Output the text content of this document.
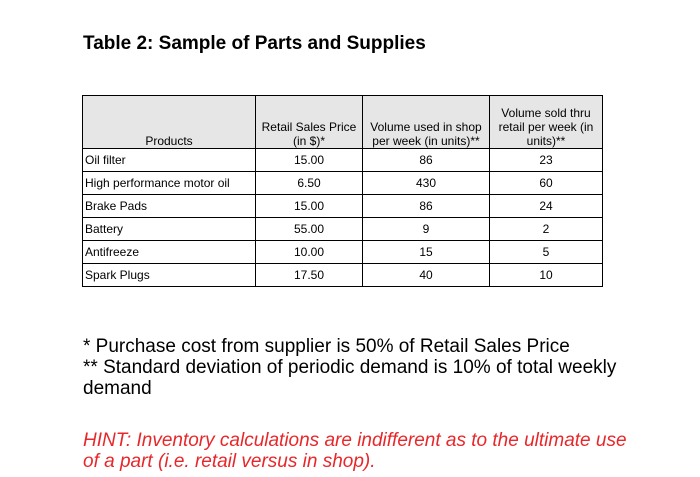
Table 2: Sample of Parts and Supplies
Products	Retail Sales Price (in $)*	Volume used in shop per week (in units)**	Volume sold thru retail per week (in units)**
Oil filter	15.00	86	23
High performance motor oil	6.50	430	60
Brake Pads	15.00	86	24
Battery	55.00	9	2
Antifreeze	10.00	15	5
Spark Plugs	17.50	40	10

* Purchase cost from supplier is 50% of Retail Sales Price

** Standard deviation of periodic demand is 10% of total weekly demand

HINT: Inventory calculations are indifferent as to the ultimate use of a part (i.e. retail versus in shop).
